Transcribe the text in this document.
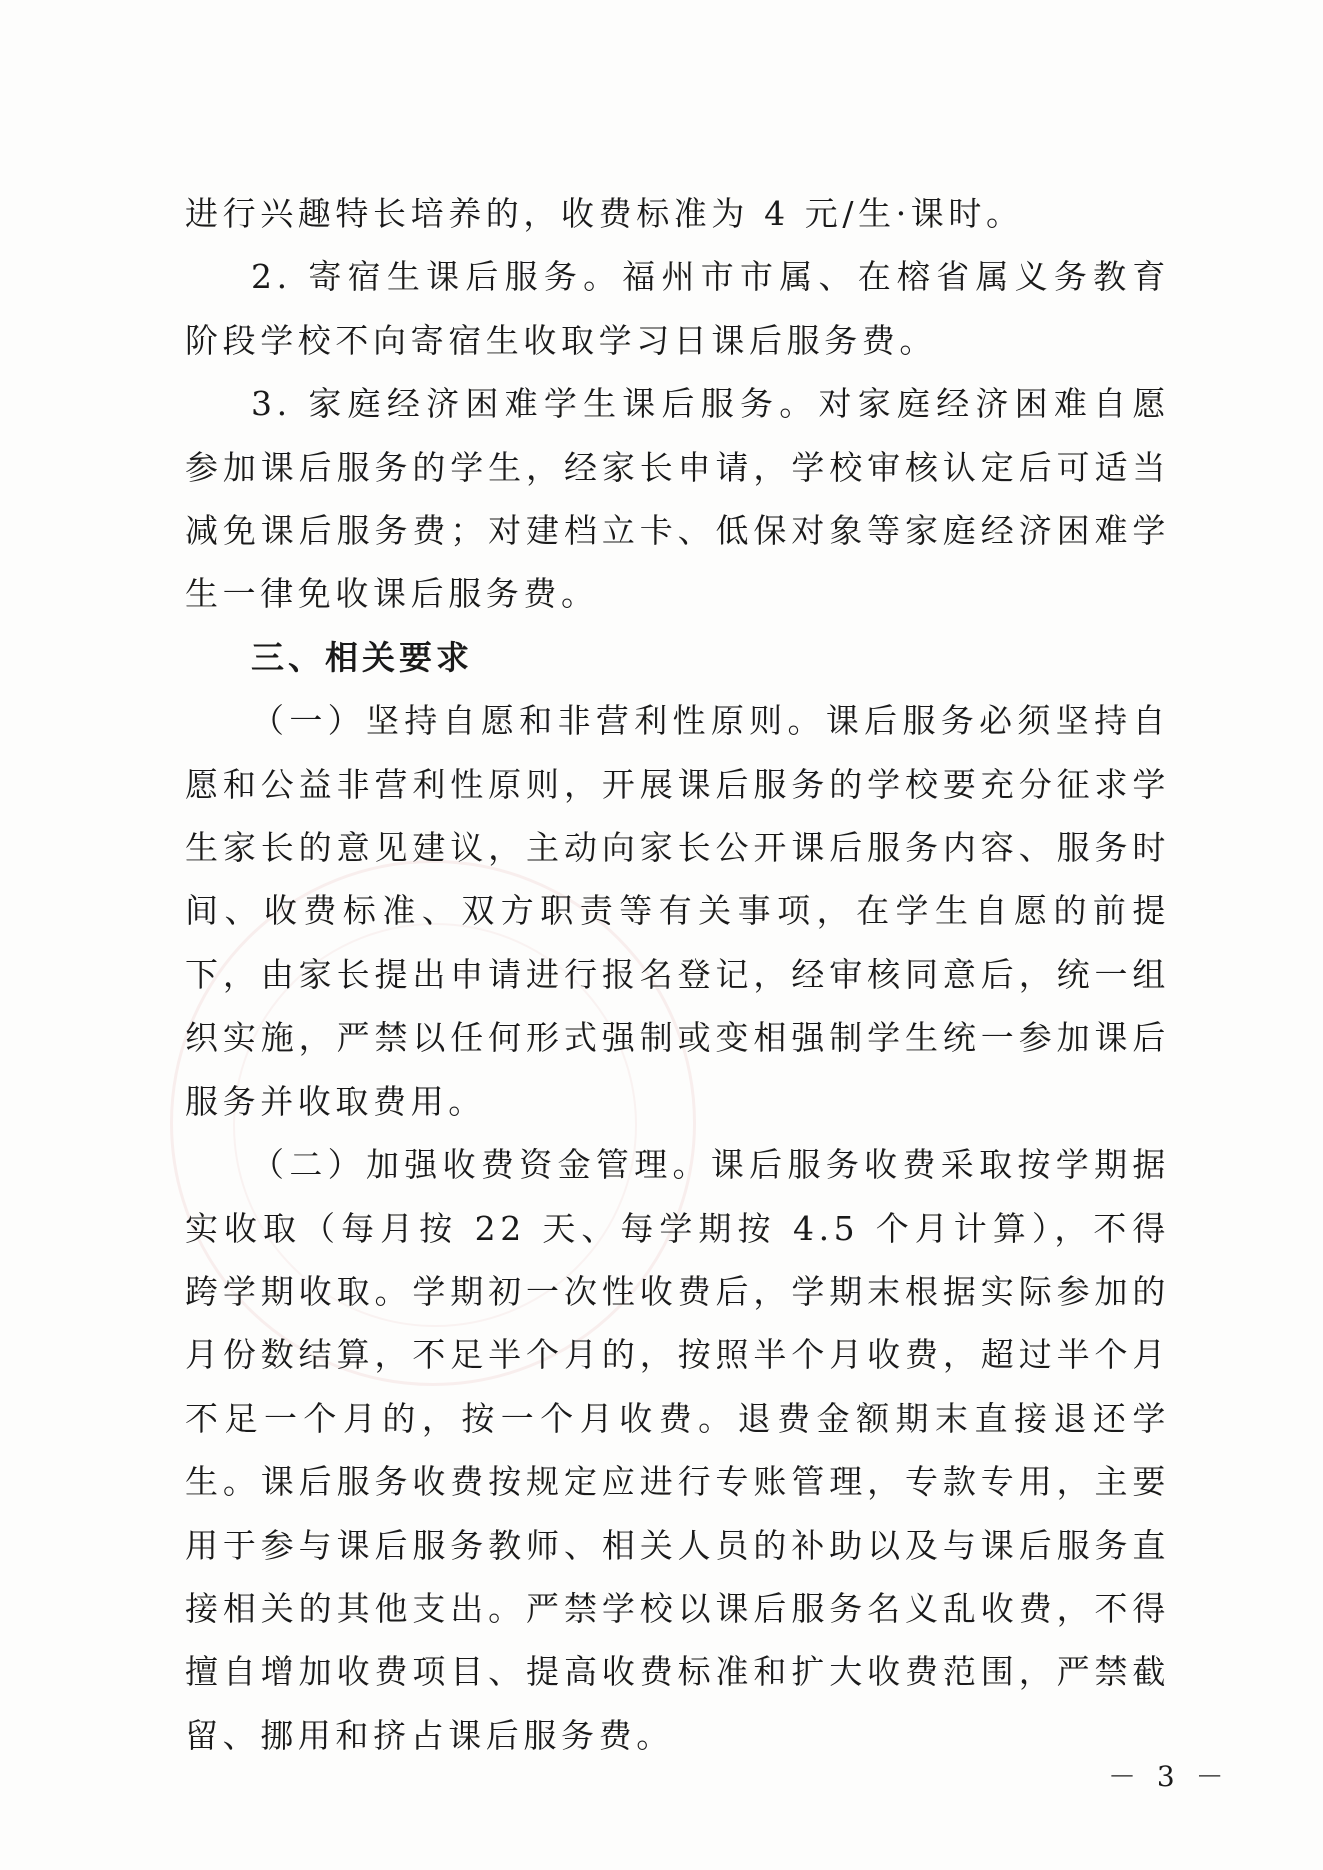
进行兴趣特长培养的，收费标准为 4 元/生·课时。

2. 寄宿生课后服务。福州市市属、在榕省属义务教育阶段学校不向寄宿生收取学习日课后服务费。

3. 家庭经济困难学生课后服务。对家庭经济困难自愿参加课后服务的学生，经家长申请，学校审核认定后可适当减免课后服务费；对建档立卡、低保对象等家庭经济困难学生一律免收课后服务费。

三、相关要求

（一）坚持自愿和非营利性原则。课后服务必须坚持自愿和公益非营利性原则，开展课后服务的学校要充分征求学生家长的意见建议，主动向家长公开课后服务内容、服务时间、收费标准、双方职责等有关事项，在学生自愿的前提下，由家长提出申请进行报名登记，经审核同意后，统一组织实施，严禁以任何形式强制或变相强制学生统一参加课后服务并收取费用。

（二）加强收费资金管理。课后服务收费采取按学期据实收取（每月按 22 天、每学期按 4.5 个月计算），不得跨学期收取。学期初一次性收费后，学期末根据实际参加的月份数结算，不足半个月的，按照半个月收费，超过半个月不足一个月的，按一个月收费。退费金额期末直接退还学生。课后服务收费按规定应进行专账管理，专款专用，主要用于参与课后服务教师、相关人员的补助以及与课后服务直接相关的其他支出。严禁学校以课后服务名义乱收费，不得擅自增加收费项目、提高收费标准和扩大收费范围，严禁截留、挪用和挤占课后服务费。

－ 3 －
